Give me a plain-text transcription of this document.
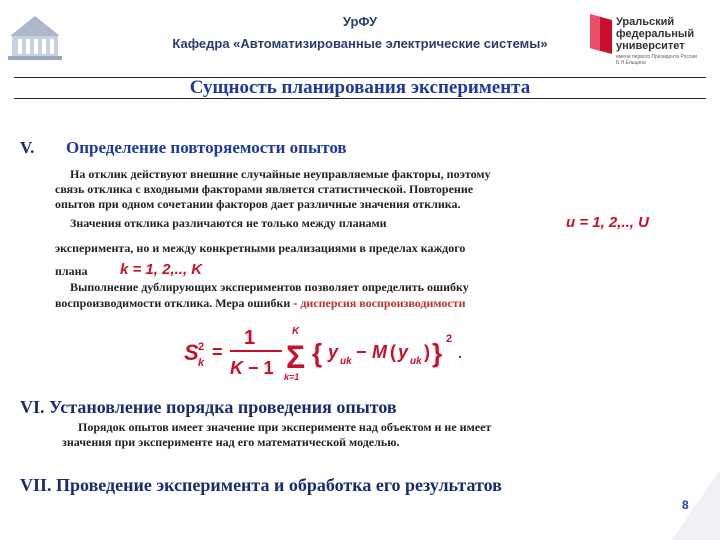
УрФУ
Кафедра «Автоматизированные электрические системы»
Уральский
федеральный
университет
имени первого Президента России Б.Н.Ельцина
Сущность планирования эксперимента
V. Определение повторяемости опытов
На отклик действуют внешние случайные неуправляемые факторы, поэтому
связь отклика с входными факторами является статистической. Повторение
опытов при одном сочетании факторов дает различные значения отклика.
Значения отклика различаются не только между планами	u = 1, 2,.., U
эксперимента, но и между конкретными реализациями в пределах каждого
плана k = 1, 2,.., K
Выполнение дублирующих экспериментов позволяет определить ошибку
воспроизводимости отклика. Мера ошибки - дисперсия воспроизводимости
S 2
k
=
1
K − 1 Σ
K
k=1
{ y uk − M ( y uk ) } 2
.
VI. Установление порядка проведения опытов
Порядок опытов имеет значение при эксперименте над объектом и не имеет
значения при эксперименте над его математической моделью.
VII. Проведение эксперимента и обработка его результатов
8
